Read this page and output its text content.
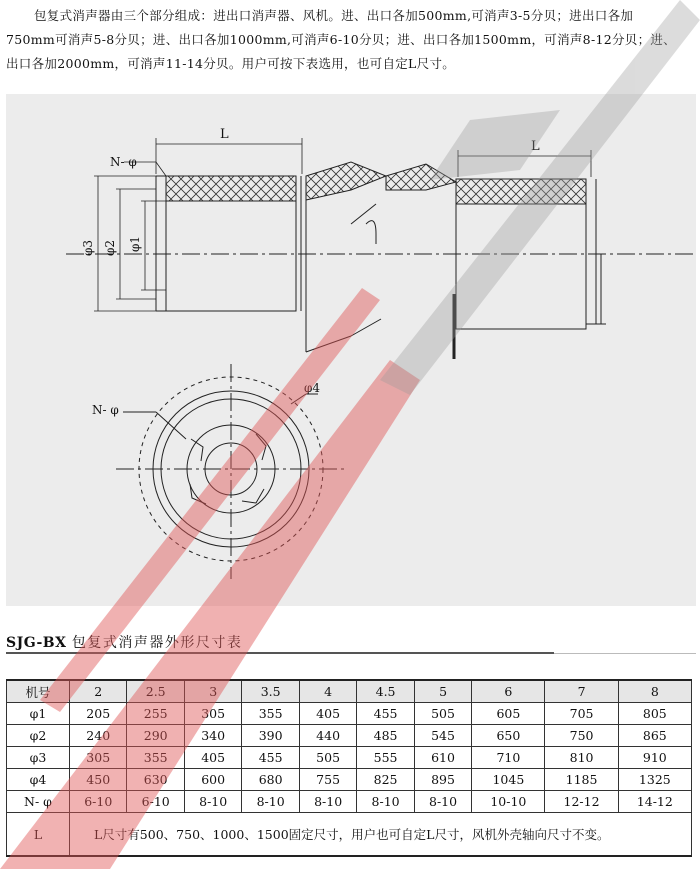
包复式消声器由三个部分组成：进出口消声器、风机。进、出口各加500mm,可消声3-5分贝；进出口各加

750mm可消声5-8分贝；进、出口各加1000mm,可消声6-10分贝；进、出口各加1500mm，可消声8-12分贝；进、

出口各加2000mm，可消声11-14分贝。用户可按下表选用，也可自定L尺寸。

L
L
N- φ
φ3 φ2 φ1
φ4
N- φ
SJG-BX 包复式消声器外形尺寸表
机号	2	2.5	3	3.5	4	4.5	5	6	7	8
φ1	205	255	305	355	405	455	505	605	705	805
φ2	240	290	340	390	440	485	545	650	750	865
φ3	305	355	405	455	505	555	610	710	810	910
φ4	450	630	600	680	755	825	895	1045	1185	1325
N- φ	6-10	6-10	8-10	8-10	8-10	8-10	8-10	10-10	12-12	14-12
L	L尺寸有500、750、1000、1500固定尺寸，用户也可自定L尺寸，风机外壳轴向尺寸不变。									
